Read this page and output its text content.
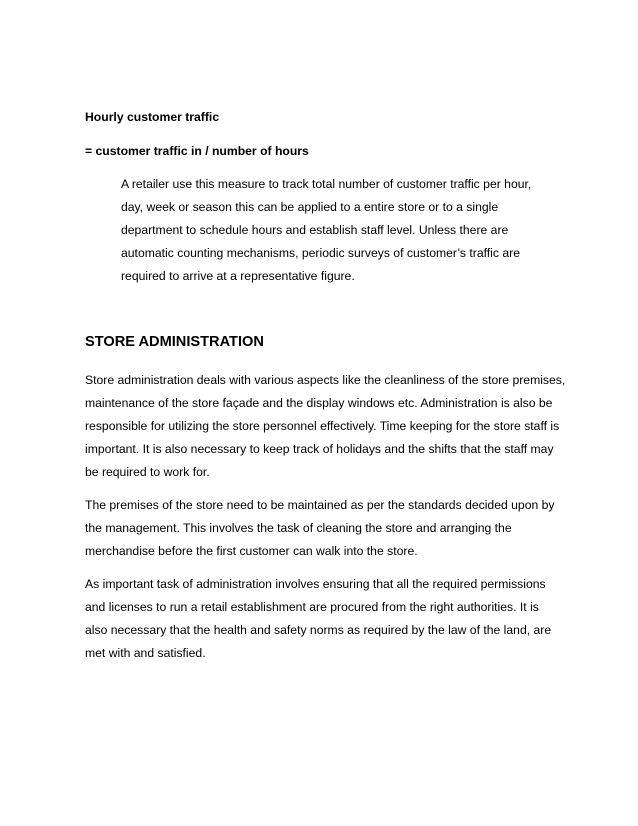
Hourly customer traffic

= customer traffic in / number of hours

A retailer use this measure to track total number of customer traffic per hour,

day, week or season this can be applied to a entire store or to a single

department to schedule hours and establish staff level. Unless there are

automatic counting mechanisms, periodic surveys of customer’s traffic are

required to arrive at a representative figure.

STORE ADMINISTRATION

Store administration deals with various aspects like the cleanliness of the store premises,

maintenance of the store façade and the display windows etc. Administration is also be

responsible for utilizing the store personnel effectively. Time keeping for the store staff is

important. It is also necessary to keep track of holidays and the shifts that the staff may

be required to work for.

The premises of the store need to be maintained as per the standards decided upon by

the management. This involves the task of cleaning the store and arranging the

merchandise before the first customer can walk into the store.

As important task of administration involves ensuring that all the required permissions

and licenses to run a retail establishment are procured from the right authorities. It is

also necessary that the health and safety norms as required by the law of the land, are

met with and satisfied.
